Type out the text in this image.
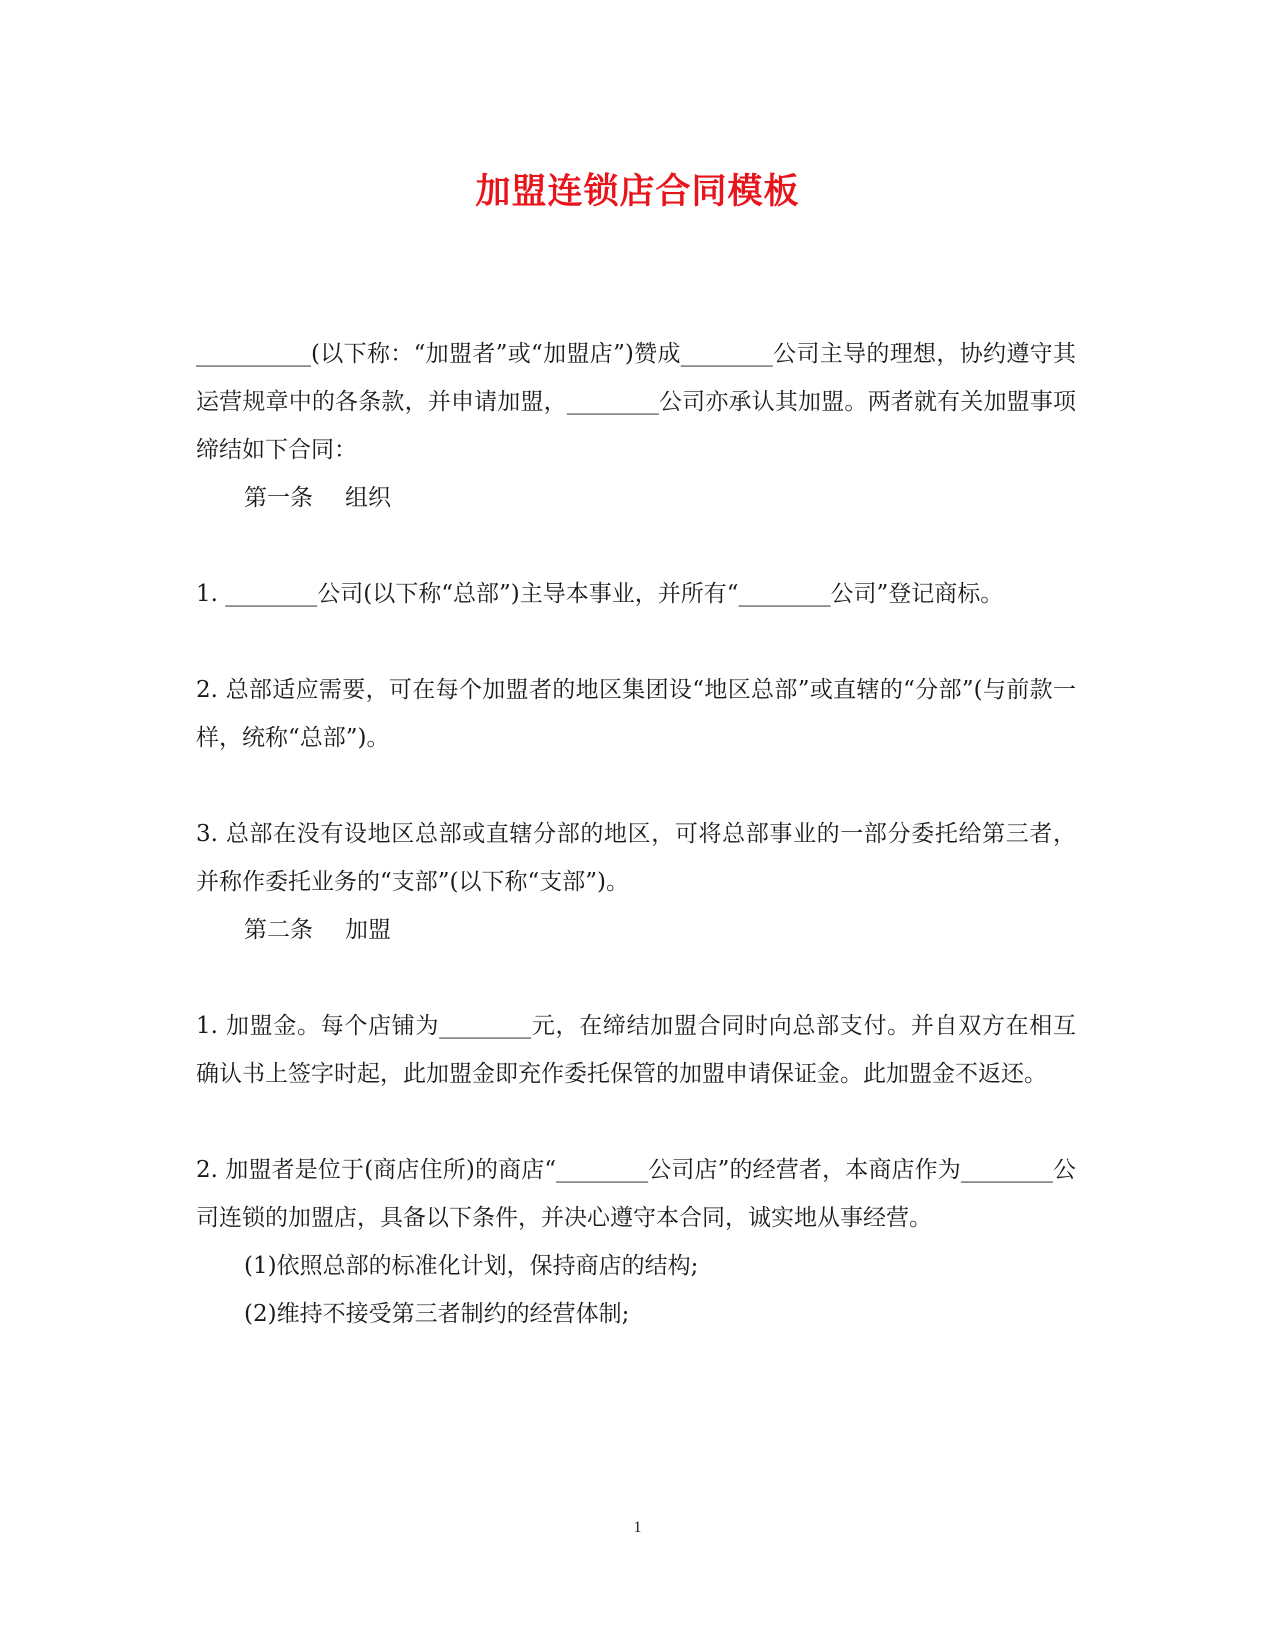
加盟连锁店合同模板

__________(以下称：“加盟者”或“加盟店”)赞成________公司主导的理想，协约遵守其运营规章中的各条款，并申请加盟，________公司亦承认其加盟。两者就有关加盟事项缔结如下合同：

第一条 组织

1. ________公司(以下称“总部”)主导本事业，并所有“________公司”登记商标。

2. 总部适应需要，可在每个加盟者的地区集团设“地区总部”或直辖的“分部”(与前款一样，统称“总部”)。

3. 总部在没有设地区总部或直辖分部的地区，可将总部事业的一部分委托给第三者，并称作委托业务的“支部”(以下称“支部”)。

第二条 加盟

1. 加盟金。每个店铺为________元，在缔结加盟合同时向总部支付。并自双方在相互确认书上签字时起，此加盟金即充作委托保管的加盟申请保证金。此加盟金不返还。

2. 加盟者是位于(商店住所)的商店“________公司店”的经营者，本商店作为________公司连锁的加盟店，具备以下条件，并决心遵守本合同，诚实地从事经营。

(1)依照总部的标准化计划，保持商店的结构;

(2)维持不接受第三者制约的经营体制;

1
